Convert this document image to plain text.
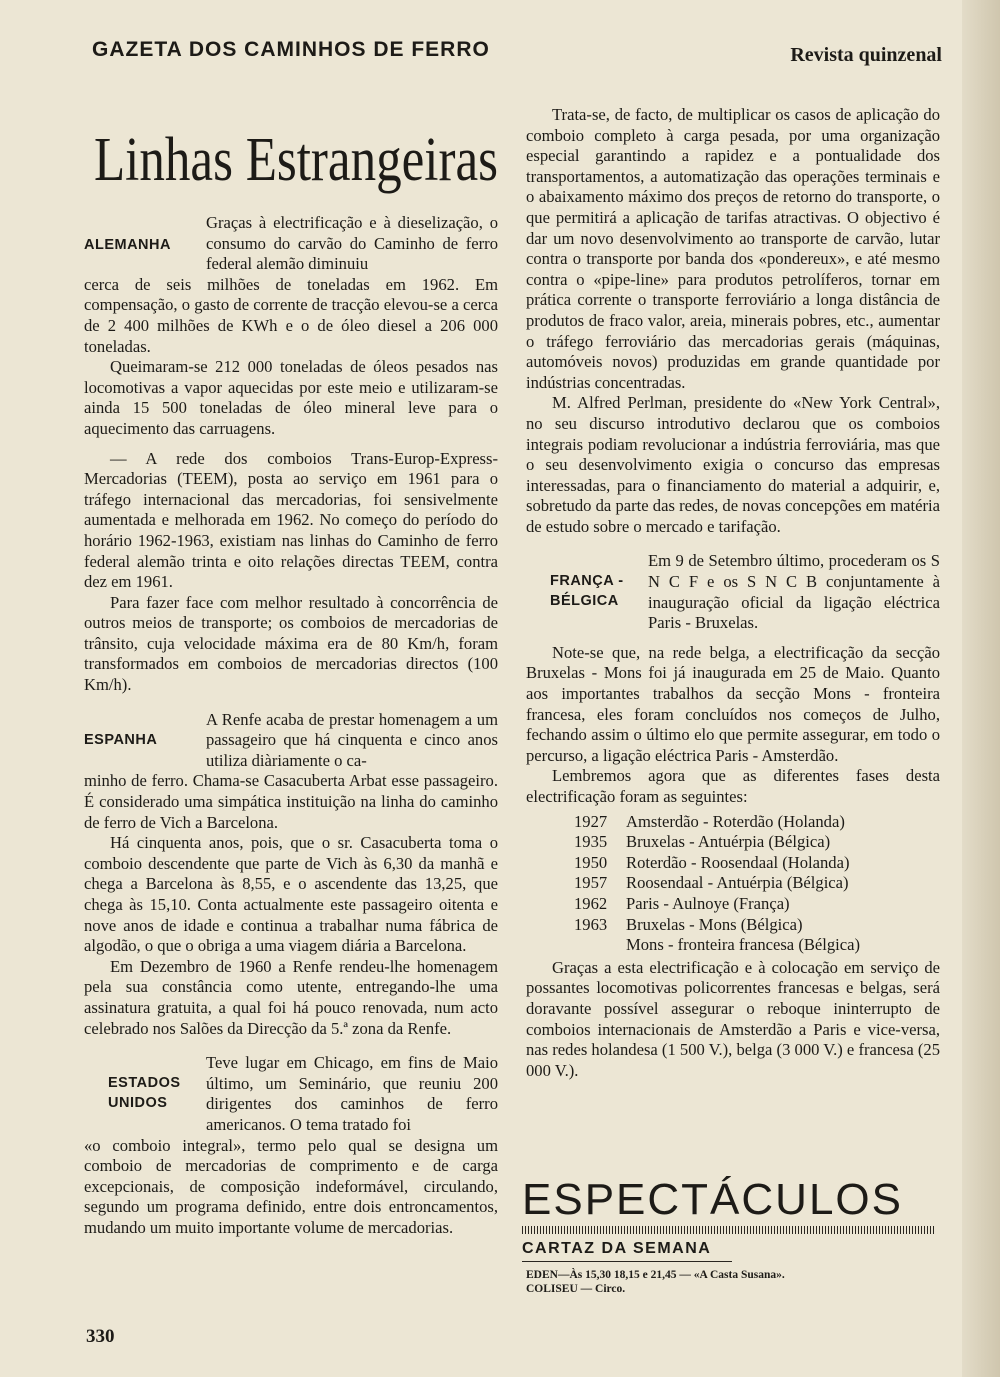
GAZETA DOS CAMINHOS DE FERRO	Revista quinzenal
Linhas Estrangeiras
ALEMANHA

Graças à electrificação e à dieselização, o consumo do carvão do Caminho de ferro federal alemão diminuiu

cerca de seis milhões de toneladas em 1962. Em compensação, o gasto de corrente de tracção elevou-se a cerca de 2 400 milhões de KWh e o de óleo diesel a 206 000 toneladas.

Queimaram-se 212 000 toneladas de óleos pesados nas locomotivas a vapor aquecidas por este meio e utilizaram-se ainda 15 500 toneladas de óleo mineral leve para o aquecimento das carruagens.

— A rede dos comboios Trans-Europ-Express-Mercadorias (TEEM), posta ao serviço em 1961 para o tráfego internacional das mercadorias, foi sensivelmente aumentada e melhorada em 1962. No começo do período do horário 1962-1963, existiam nas linhas do Caminho de ferro federal alemão trinta e oito relações directas TEEM, contra dez em 1961.

Para fazer face com melhor resultado à concorrência de outros meios de transporte; os comboios de mercadorias de trânsito, cuja velocidade máxima era de 80 Km/h, foram transformados em comboios de mercadorias directos (100 Km/h).

ESPANHA

A Renfe acaba de prestar homenagem a um passageiro que há cinquenta e cinco anos utiliza diàriamente o ca-

minho de ferro. Chama-se Casacuberta Arbat esse passageiro. É considerado uma simpática instituição na linha do caminho de ferro de Vich a Barcelona.

Há cinquenta anos, pois, que o sr. Casacuberta toma o comboio descendente que parte de Vich às 6,30 da manhã e chega a Barcelona às 8,55, e o ascendente das 13,25, que chega às 15,10. Conta actualmente este passageiro oitenta e nove anos de idade e continua a trabalhar numa fábrica de algodão, o que o obriga a uma viagem diária a Barcelona.

Em Dezembro de 1960 a Renfe rendeu-lhe homenagem pela sua constância como utente, entregando-lhe uma assinatura gratuita, a qual foi há pouco renovada, num acto celebrado nos Salões da Direcção da 5.ª zona da Renfe.

ESTADOS
UNIDOS

Teve lugar em Chicago, em fins de Maio último, um Seminário, que reuniu 200 dirigentes dos caminhos de ferro americanos. O tema tratado foi

«o comboio integral», termo pelo qual se designa um comboio de mercadorias de comprimento e de carga excepcionais, de composição indeformável, circulando, segundo um programa definido, entre dois entroncamentos, mudando um muito importante volume de mercadorias.

Trata-se, de facto, de multiplicar os casos de aplicação do comboio completo à carga pesada, por uma organização especial garantindo a rapidez e a pontualidade dos transportamentos, a automatização das operações terminais e o abaixamento máximo dos preços de retorno do transporte, o que permitirá a aplicação de tarifas atractivas. O objectivo é dar um novo desenvolvimento ao transporte de carvão, lutar contra o transporte por banda dos «pondereux», e até mesmo contra o «pipe-line» para produtos petrolíferos, tornar em prática corrente o transporte ferroviário a longa distância de produtos de fraco valor, areia, minerais pobres, etc., aumentar o tráfego ferroviário das mercadorias gerais (máquinas, automóveis novos) produzidas em grande quantidade por indústrias concentradas.

M. Alfred Perlman, presidente do «New York Central», no seu discurso introdutivo declarou que os comboios integrais podiam revolucionar a indústria ferroviária, mas que o seu desenvolvimento exigia o concurso das empresas interessadas, para o financiamento do material a adquirir, e, sobretudo da parte das redes, de novas concepções em matéria de estudo sobre o mercado e tarifação.

FRANÇA -
BÉLGICA

Em 9 de Setembro último, procederam os S N C F e os S N C B conjuntamente à inauguração oficial da ligação eléctrica Paris - Bruxelas.

Note-se que, na rede belga, a electrificação da secção Bruxelas - Mons foi já inaugurada em 25 de Maio. Quanto aos importantes trabalhos da secção Mons - fronteira francesa, eles foram concluídos nos começos de Julho, fechando assim o último elo que permite assegurar, em todo o percurso, a ligação eléctrica Paris - Amsterdão.

Lembremos agora que as diferentes fases desta electrificação foram as seguintes:

1927	Amsterdão - Roterdão (Holanda)
1935	Bruxelas - Antuérpia (Bélgica)
1950	Roterdão - Roosendaal (Holanda)
1957	Roosendaal - Antuérpia (Bélgica)
1962	Paris - Aulnoye (França)
1963	Bruxelas - Mons (Bélgica)
Mons - fronteira francesa (Bélgica)

Graças a esta electrificação e à colocação em serviço de possantes locomotivas policorrentes francesas e belgas, será doravante possível assegurar o reboque ininterrupto de comboios internacionais de Amsterdão a Paris e vice-versa, nas redes holandesa (1 500 V.), belga (3 000 V.) e francesa (25 000 V.).

ESPECTÁCULOS
CARTAZ DA SEMANA
EDEN—Às 15,30 18,15 e 21,45 — «A Casta Susana».
COLISEU — Circo.
330
